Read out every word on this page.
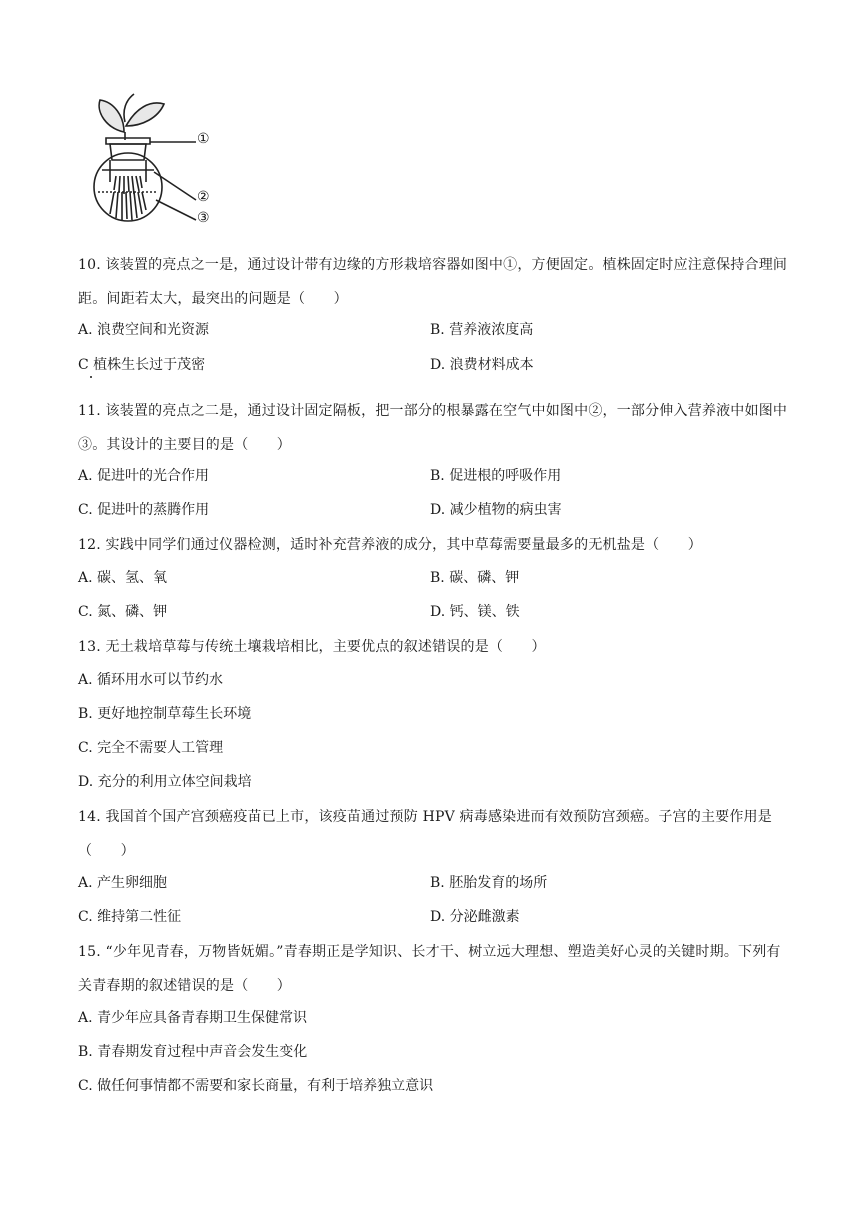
①
②
③
10. 该装置的亮点之一是，通过设计带有边缘的方形栽培容器如图中①，方便固定。植株固定时应注意保持合理间距。间距若太大，最突出的问题是（　　）
A. 浪费空间和光资源	B. 营养液浓度高
C 植株生长过于茂密	D. 浪费材料成本
11. 该装置的亮点之二是，通过设计固定隔板，把一部分的根暴露在空气中如图中②，一部分伸入营养液中如图中③。其设计的主要目的是（　　）
A. 促进叶的光合作用	B. 促进根的呼吸作用
C. 促进叶的蒸腾作用	D. 减少植物的病虫害
12. 实践中同学们通过仪器检测，适时补充营养液的成分，其中草莓需要量最多的无机盐是（　　）
A. 碳、氢、氧	B. 碳、磷、钾
C. 氮、磷、钾	D. 钙、镁、铁
13. 无土栽培草莓与传统土壤栽培相比，主要优点的叙述错误的是（　　）
A. 循环用水可以节约水
B. 更好地控制草莓生长环境
C. 完全不需要人工管理
D. 充分的利用立体空间栽培
14. 我国首个国产宫颈癌疫苗已上市，该疫苗通过预防 HPV 病毒感染进而有效预防宫颈癌。子宫的主要作用是（　　）
A. 产生卵细胞	B. 胚胎发育的场所
C. 维持第二性征	D. 分泌雌激素
15. “少年见青春，万物皆妩媚。”青春期正是学知识、长才干、树立远大理想、塑造美好心灵的关键时期。下列有关青春期的叙述错误的是（　　）
A. 青少年应具备青春期卫生保健常识
B. 青春期发育过程中声音会发生变化
C. 做任何事情都不需要和家长商量，有利于培养独立意识
